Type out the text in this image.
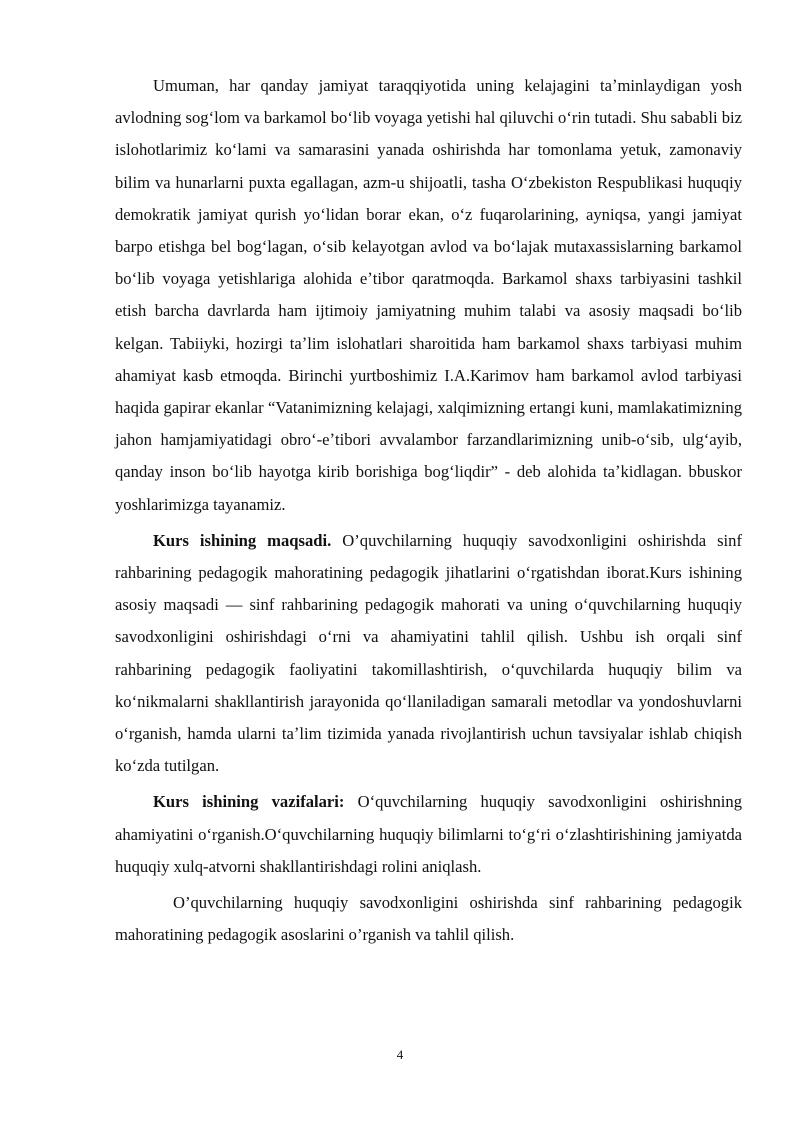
Umuman, har qanday jamiyat taraqqiyotida uning kelajagini taʼminlaydigan yosh avlodning sogʻlom va barkamol boʻlib voyaga yetishi hal qiluvchi oʻrin tutadi. Shu sababli biz islohotlarimiz koʻlami va samarasini yanada oshirishda har tomonlama yetuk, zamonaviy bilim va hunarlarni puxta egallagan, azm-u shijoatli, tasha Oʻzbekiston Respublikasi huquqiy demokratik jamiyat qurish yoʻlidan borar ekan, oʻz fuqarolarining, ayniqsa, yangi jamiyat barpo etishga bel bogʻlagan, oʻsib kelayotgan avlod va boʻlajak mutaxassislarning barkamol boʻlib voyaga yetishlariga alohida eʼtibor qaratmoqda. Barkamol shaxs tarbiyasini tashkil etish barcha davrlarda ham ijtimoiy jamiyatning muhim talabi va asosiy maqsadi boʻlib kelgan. Tabiiyki, hozirgi taʼlim islohatlari sharoitida ham barkamol shaxs tarbiyasi muhim ahamiyat kasb etmoqda. Birinchi yurtboshimiz I.A.Karimov ham barkamol avlod tarbiyasi haqida gapirar ekanlar “Vatanimizning kelajagi, xalqimizning ertangi kuni, mamlakatimizning jahon hamjamiyatidagi obroʻ-eʼtibori avvalambor farzandlarimizning unib-oʻsib, ulgʻayib, qanday inson boʻlib hayotga kirib borishiga bogʻliqdir” - deb alohida taʼkidlagan. bbuskor yoshlarimizga tayanamiz.

Kurs ishining maqsadi. O’quvchilarning huquqiy savodxonligini oshirishda sinf rahbarining pedagogik mahoratining pedagogik jihatlarini oʻrgatishdan iborat.Kurs ishining asosiy maqsadi — sinf rahbarining pedagogik mahorati va uning oʻquvchilarning huquqiy savodxonligini oshirishdagi oʻrni va ahamiyatini tahlil qilish. Ushbu ish orqali sinf rahbarining pedagogik faoliyatini takomillashtirish, oʻquvchilarda huquqiy bilim va koʻnikmalarni shakllantirish jarayonida qoʻllaniladigan samarali metodlar va yondoshuvlarni oʻrganish, hamda ularni taʼlim tizimida yanada rivojlantirish uchun tavsiyalar ishlab chiqish koʻzda tutilgan.

Kurs ishining vazifalari: Oʻquvchilarning huquqiy savodxonligini oshirishning ahamiyatini oʻrganish.Oʻquvchilarning huquqiy bilimlarni toʻgʻri oʻzlashtirishining jamiyatda huquqiy xulq-atvorni shakllantirishdagi rolini aniqlash.

O’quvchilarning huquqiy savodxonligini oshirishda sinf rahbarining pedagogik mahoratining pedagogik asoslarini o’rganish va tahlil qilish.

4
